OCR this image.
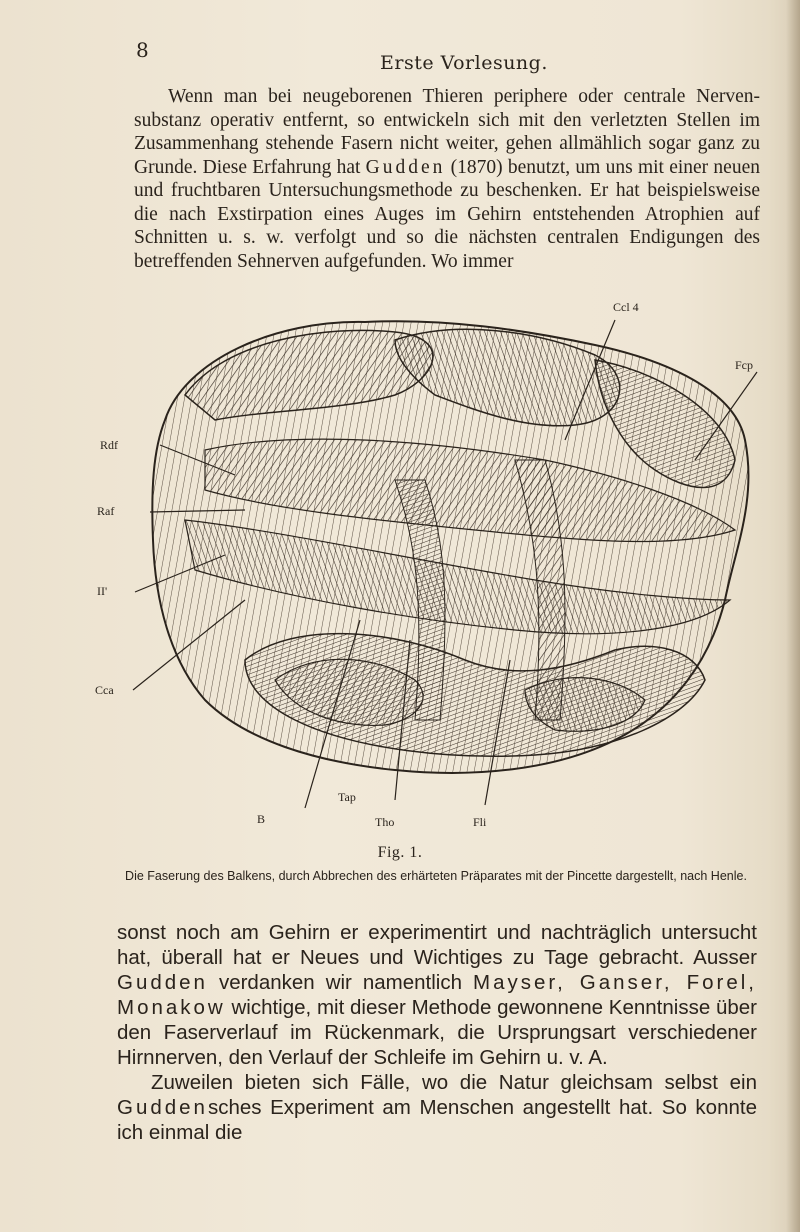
8
Erste Vorlesung.
Wenn man bei neugeborenen Thieren periphere oder centrale Nerven-substanz operativ entfernt, so entwickeln sich mit den verletzten Stellen im Zusammenhang stehende Fasern nicht weiter, gehen allmählich sogar ganz zu Grunde. Diese Erfahrung hat Gudden (1870) benutzt, um uns mit einer neuen und fruchtbaren Untersuchungsmethode zu beschenken. Er hat beispielsweise die nach Exstirpation eines Auges im Gehirn entstehenden Atrophien auf Schnitten u. s. w. verfolgt und so die nächsten centralen Endigungen des betreffenden Sehnerven aufgefunden. Wo immer
Ccl 4
Fcp
Rdf
Raf
II'
Cca
Tap
B	Tho	Fli
Fig. 1.
Die Faserung des Balkens, durch Abbrechen des erhärteten Präparates mit der Pincette dargestellt, nach Henle.

sonst noch am Gehirn er experimentirt und nachträglich untersucht hat, überall hat er Neues und Wichtiges zu Tage gebracht. Ausser Gudden verdanken wir namentlich Mayser, Ganser, Forel, Monakow wichtige, mit dieser Methode gewonnene Kenntnisse über den Faserverlauf im Rückenmark, die Ursprungsart verschiedener Hirnnerven, den Verlauf der Schleife im Gehirn u. v. A.

Zuweilen bieten sich Fälle, wo die Natur gleichsam selbst ein Guddensches Experiment am Menschen angestellt hat. So konnte ich einmal die
